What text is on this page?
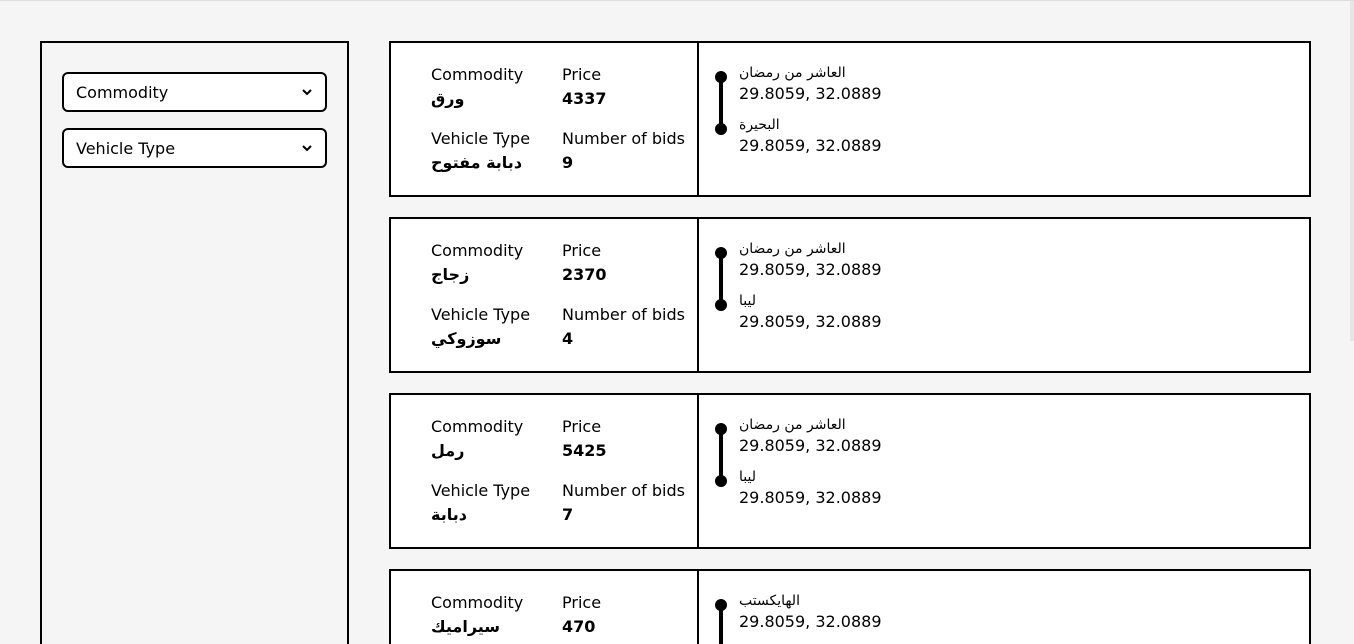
Commodity
Vehicle Type
Commodity
ورق
Price
4337
Vehicle Type
دبابة مفتوح
Number of bids
9
العاشر من رمضان
29.8059, 32.0889
البحيرة
29.8059, 32.0889
Commodity
زجاج
Price
2370
Vehicle Type
سوزوكي
Number of bids
4
العاشر من رمضان
29.8059, 32.0889
ليبا
29.8059, 32.0889
Commodity
رمل
Price
5425
Vehicle Type
دبابة
Number of bids
7
العاشر من رمضان
29.8059, 32.0889
ليبا
29.8059, 32.0889
Commodity
سيراميك
Price
470
الهايكستب
29.8059, 32.0889
